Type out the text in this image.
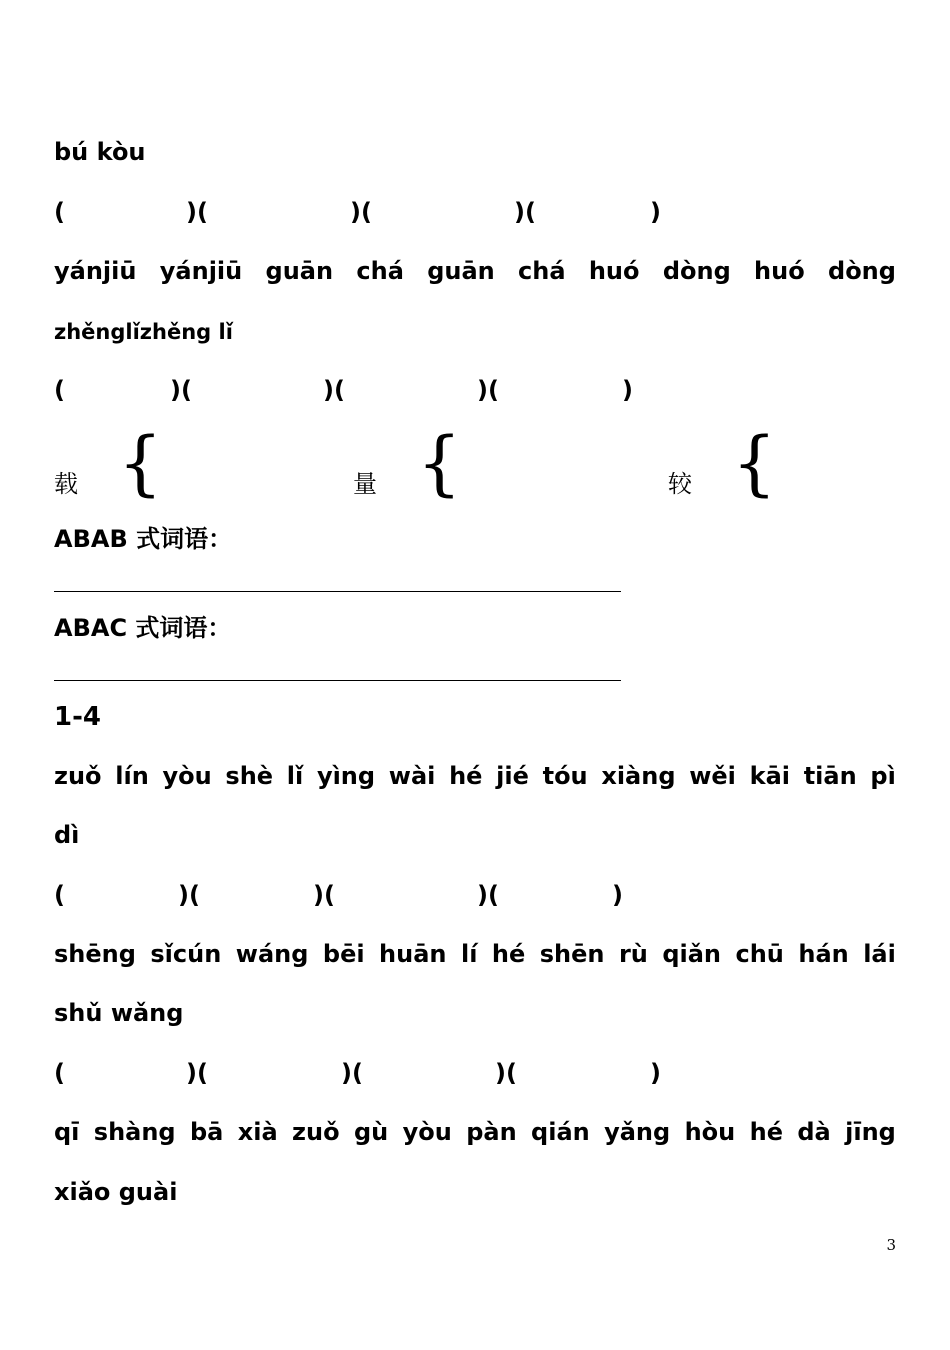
bú kòu
(	)(	)(	)(	)
yánjiū yánjiū guān chá guān chá huó dòng huó dòng
zhěnglǐzhěng lǐ
(	)(	)(	)(	)
载 {	量 {	较 {
ABAB 式词语：
ABAC 式词语：
1-4
zuǒ lín yòu shè lǐ yìng wài hé jié tóu xiàng wěi kāi tiān pì
dì
(	)(	)(	)(	)
shēng sǐcún wáng bēi huān lí hé shēn rù qiǎn chū hán lái
shǔ wǎng
(	)(	)(	)(	)
qī shàng bā xià zuǒ gù yòu pàn qián yǎng hòu hé dà jīng
xiǎo guài
3
